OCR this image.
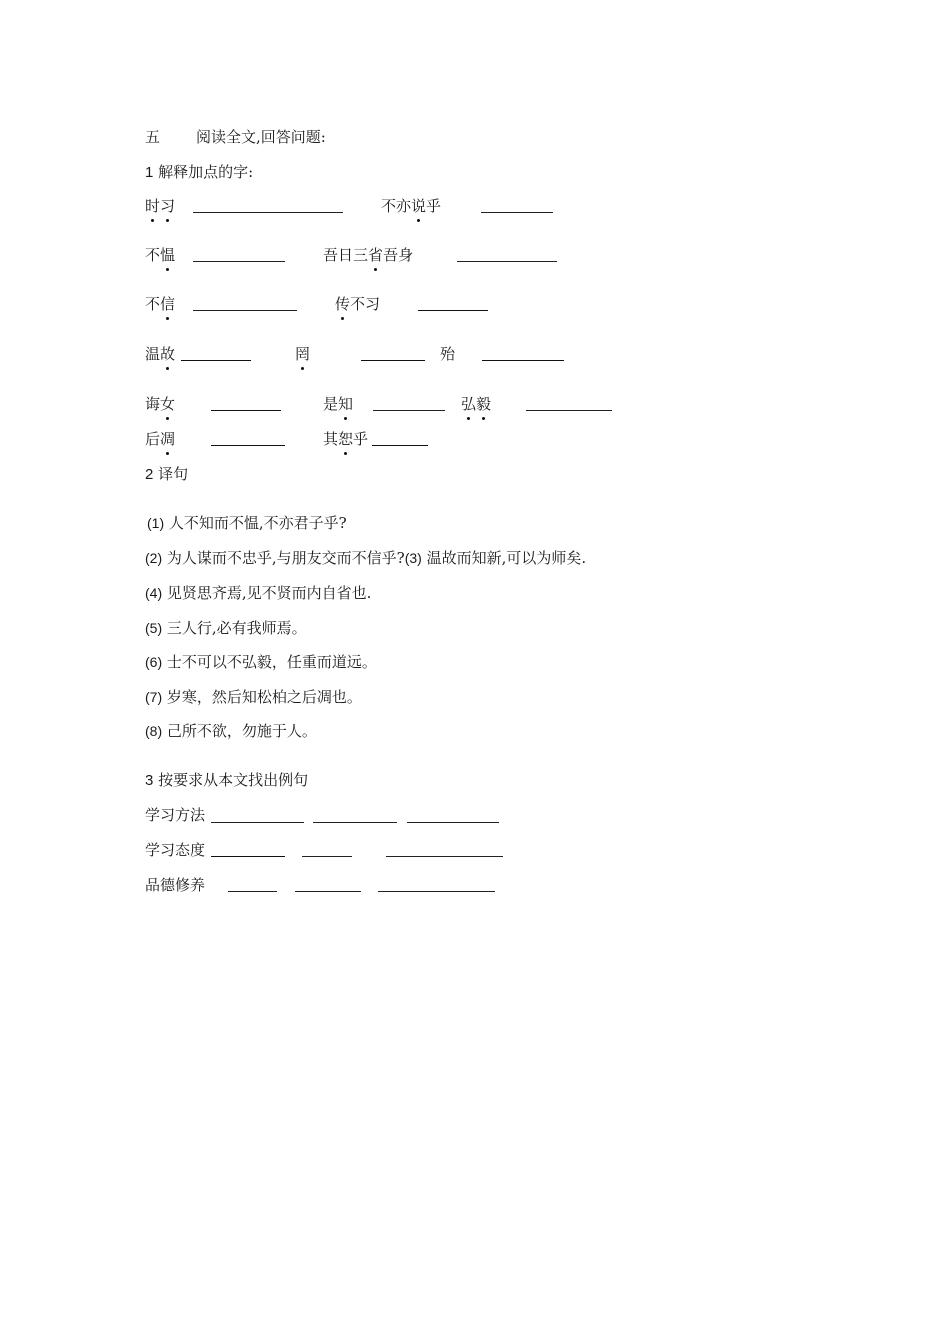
五 阅读全文,回答问题:
1 解释加点的字:
时习	不亦说乎
不愠	吾日三省吾身
不信	传不习
温故	罔	殆
诲女	是知	弘毅
后凋	其恕乎
2 译句
(1) 人不知而不愠,不亦君子乎?
(2) 为人谋而不忠乎,与朋友交而不信乎?(3) 温故而知新,可以为师矣.
(4) 见贤思齐焉,见不贤而内自省也.
(5) 三人行,必有我师焉。
(6) 士不可以不弘毅，任重而道远。
(7) 岁寒，然后知松柏之后凋也。
(8) 己所不欲，勿施于人。
3 按要求从本文找出例句
学习方法
学习态度
品德修养
